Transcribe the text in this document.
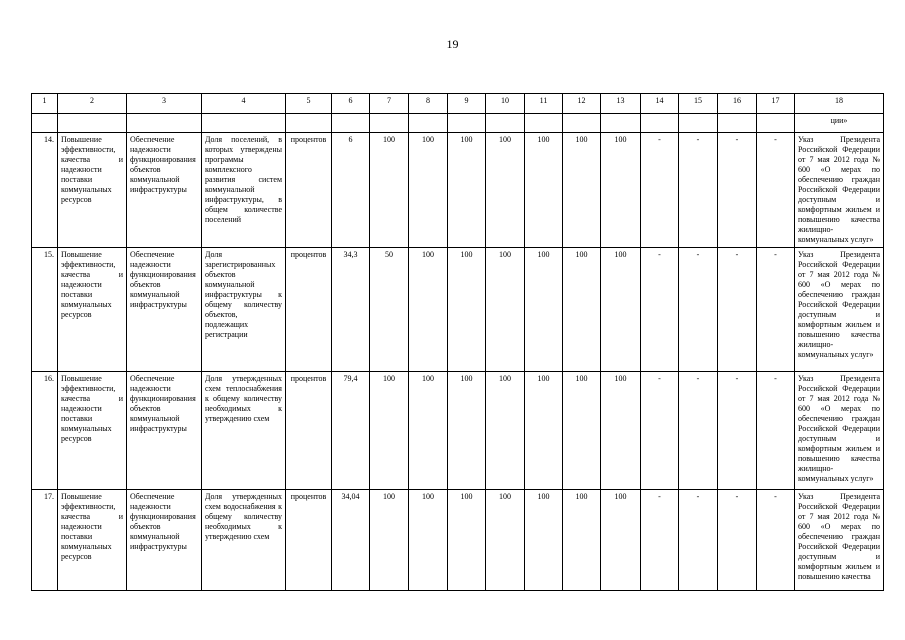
19
1	2	3	4	5	6	7	8	9	10	11	12	13	14	15	16	17	18
																	ции»
14.	Повышение эффективности, качества и надежности поставки коммунальных ресурсов	Обеспечение надежности функционирования объектов коммунальной инфраструктуры	Доля поселений, в которых утверждены программы комплексного развития систем коммунальной инфраструктуры, в общем количестве поселений	процентов	6	100	100	100	100	100	100	100	-	-	-	-	Указ Президента Российской Федерации от 7 мая 2012 года № 600 «О мерах по обеспечению граждан Российской Федерации доступным и комфортным жильем и повышению качества жилищно-коммунальных услуг»
15.	Повышение эффективности, качества и надежности поставки коммунальных ресурсов	Обеспечение надежности функционирования объектов коммунальной инфраструктуры	Доля зарегистрированных объектов коммунальной инфраструктуры к общему количеству объектов, подлежащих регистрации	процентов	34,3	50	100	100	100	100	100	100	-	-	-	-	Указ Президента Российской Федерации от 7 мая 2012 года № 600 «О мерах по обеспечению граждан Российской Федерации доступным и комфортным жильем и повышению качества жилищно-коммунальных услуг»
16.	Повышение эффективности, качества и надежности поставки коммунальных ресурсов	Обеспечение надежности функционирования объектов коммунальной инфраструктуры	Доля утвержденных схем теплоснабжения к общему количеству необходимых к утверждению схем	процентов	79,4	100	100	100	100	100	100	100	-	-	-	-	Указ Президента Российской Федерации от 7 мая 2012 года № 600 «О мерах по обеспечению граждан Российской Федерации доступным и комфортным жильем и повышению качества жилищно-коммунальных услуг»
17.	Повышение эффективности, качества и надежности поставки коммунальных ресурсов	Обеспечение надежности функционирования объектов коммунальной инфраструктуры	Доля утвержденных схем водоснабжения к общему количеству необходимых к утверждению схем	процентов	34,04	100	100	100	100	100	100	100	-	-	-	-	Указ Президента Российской Федерации от 7 мая 2012 года № 600 «О мерах по обеспечению граждан Российской Федерации доступным и комфортным жильем и повышению качества
